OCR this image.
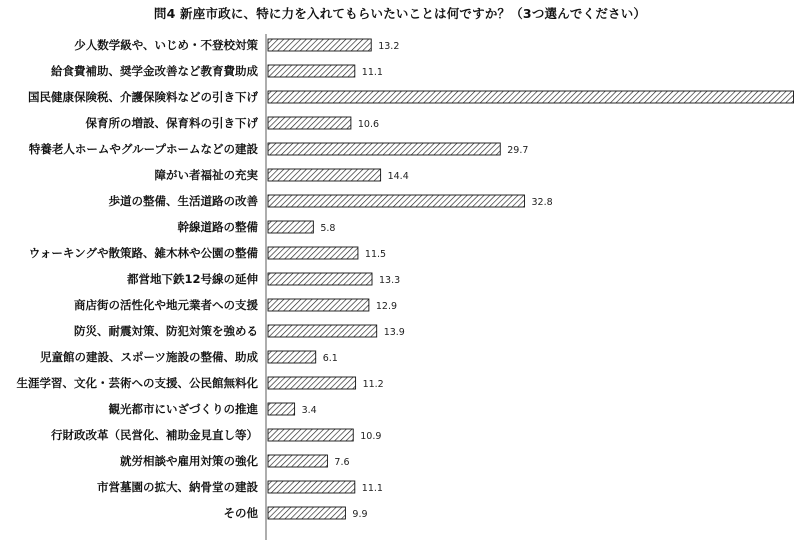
問4 新座市政に、特に力を入れてもらいたいことは何ですか？（3つ選んでください）
少人数学級や、いじめ・不登校対策	13.2
給食費補助、奨学金改善など教育費助成	11.1
国民健康保険税、介護保険料などの引き下げ
保育所の増設、保育料の引き下げ	10.6
特養老人ホームやグループホームなどの建設	29.7
障がい者福祉の充実	14.4
歩道の整備、生活道路の改善	32.8
幹線道路の整備	5.8
ウォーキングや散策路、雑木林や公園の整備	11.5
都営地下鉄12号線の延伸	13.3
商店街の活性化や地元業者への支援	12.9
防災、耐震対策、防犯対策を強める	13.9
児童館の建設、スポーツ施設の整備、助成	6.1
生涯学習、文化・芸術への支援、公民館無料化	11.2
観光都市にいざづくりの推進	3.4
行財政改革（民営化、補助金見直し等）	10.9
就労相談や雇用対策の強化	7.6
市営墓園の拡大、納骨堂の建設	11.1
その他	9.9
